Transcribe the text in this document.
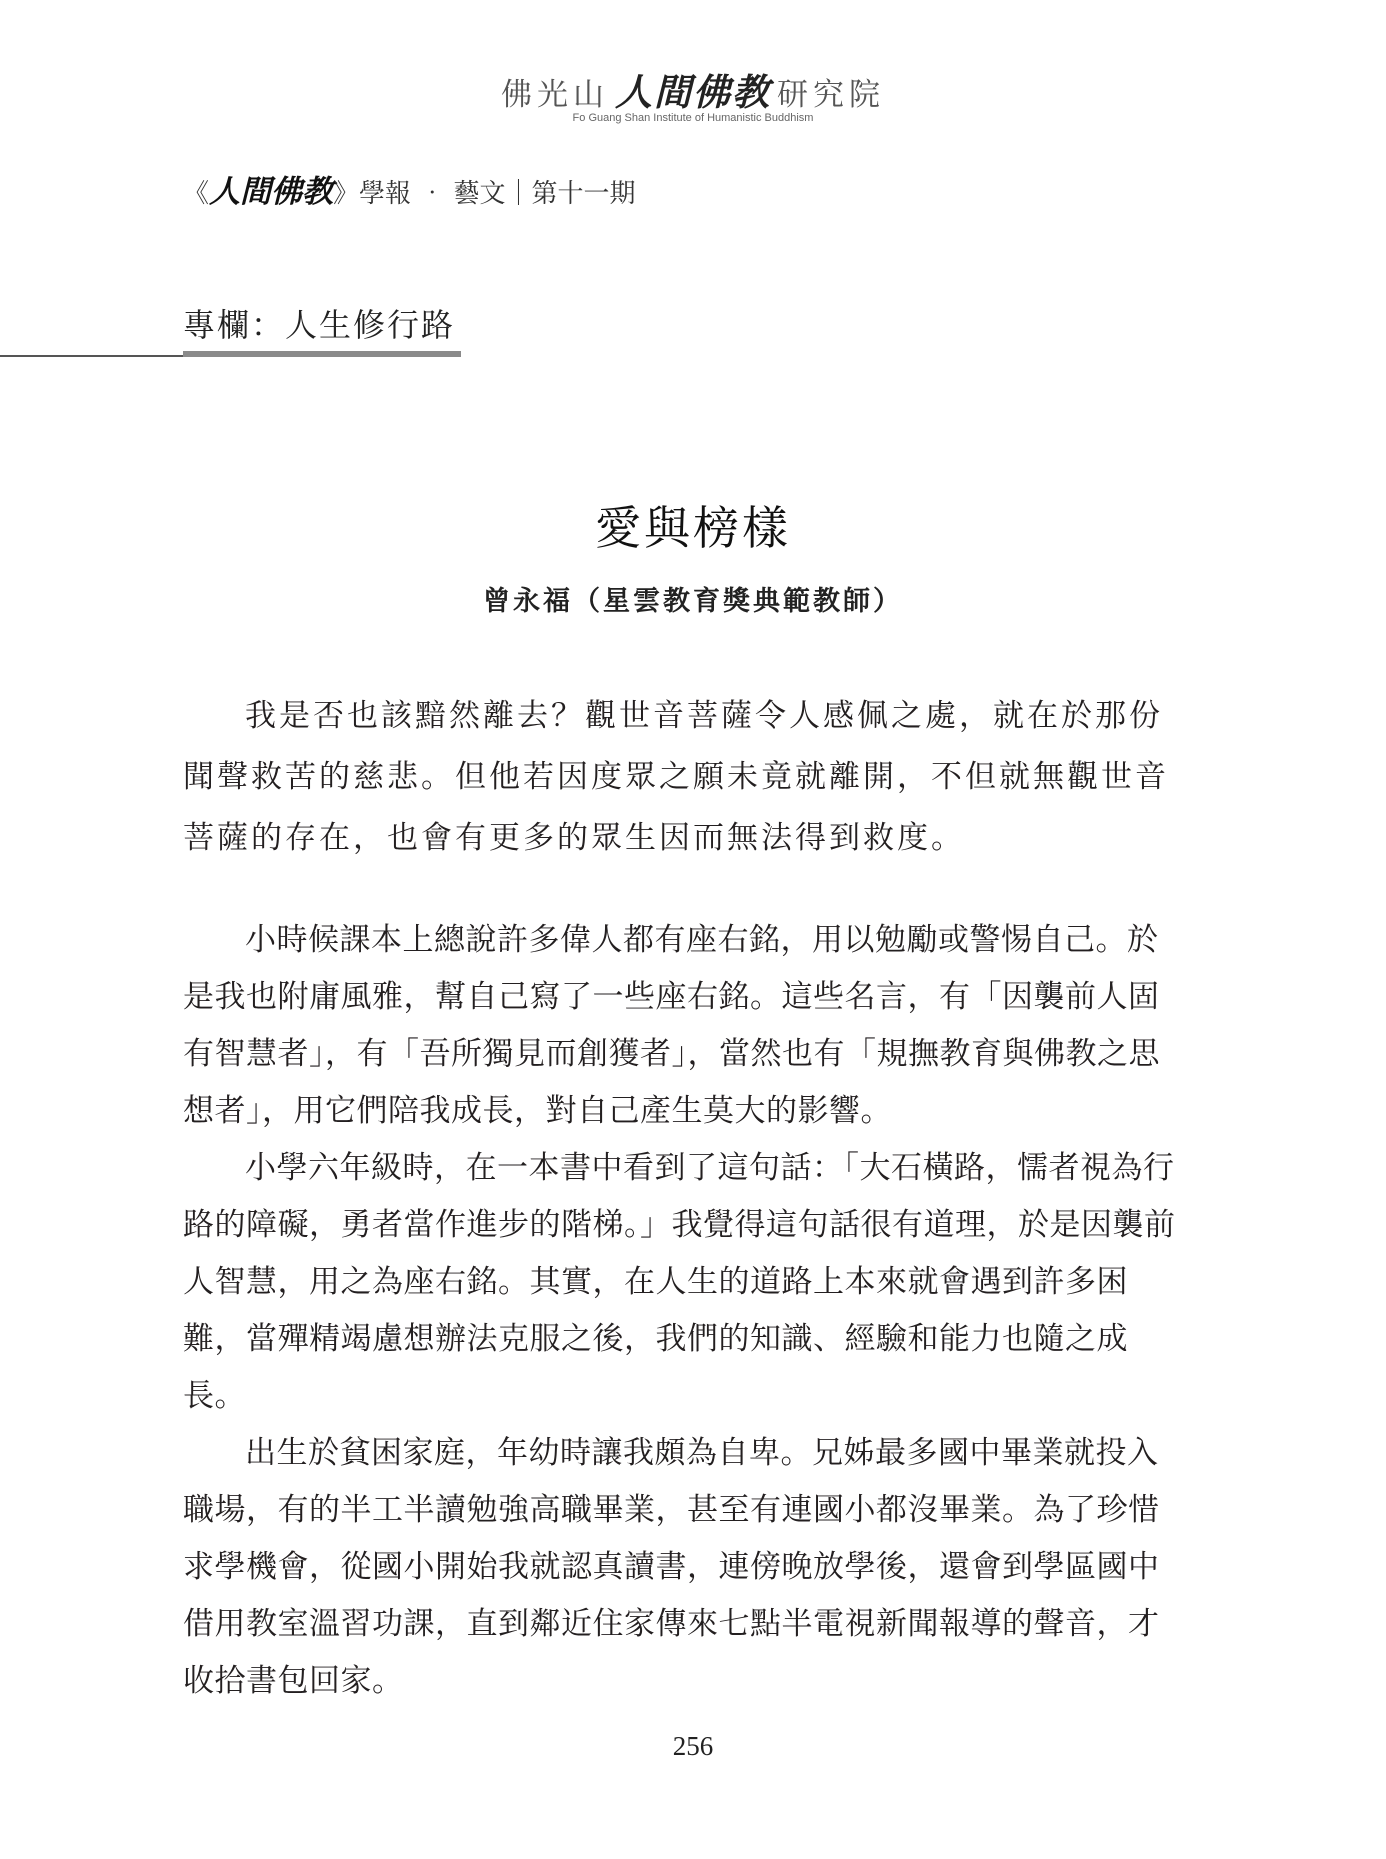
佛光山 人間佛教 研究院
Fo Guang Shan Institute of Humanistic Buddhism
《人間佛教》學報 ‧ 藝文｜第十一期
專欄：人生修行路
愛與榜樣
曾永福（星雲教育獎典範教師）

我是否也該黯然離去？觀世音菩薩令人感佩之處，就在於那份聞聲救苦的慈悲。但他若因度眾之願未竟就離開，不但就無觀世音菩薩的存在，也會有更多的眾生因而無法得到救度。

小時候課本上總說許多偉人都有座右銘，用以勉勵或警惕自己。於是我也附庸風雅，幫自己寫了一些座右銘。這些名言，有「因襲前人固有智慧者」，有「吾所獨見而創獲者」，當然也有「規撫教育與佛教之思想者」，用它們陪我成長，對自己產生莫大的影響。

小學六年級時，在一本書中看到了這句話：「大石橫路，懦者視為行路的障礙，勇者當作進步的階梯。」我覺得這句話很有道理，於是因襲前人智慧，用之為座右銘。其實，在人生的道路上本來就會遇到許多困難，當殫精竭慮想辦法克服之後，我們的知識、經驗和能力也隨之成長。

出生於貧困家庭，年幼時讓我頗為自卑。兄姊最多國中畢業就投入職場，有的半工半讀勉強高職畢業，甚至有連國小都沒畢業。為了珍惜求學機會，從國小開始我就認真讀書，連傍晚放學後，還會到學區國中借用教室溫習功課，直到鄰近住家傳來七點半電視新聞報導的聲音，才收拾書包回家。

256
